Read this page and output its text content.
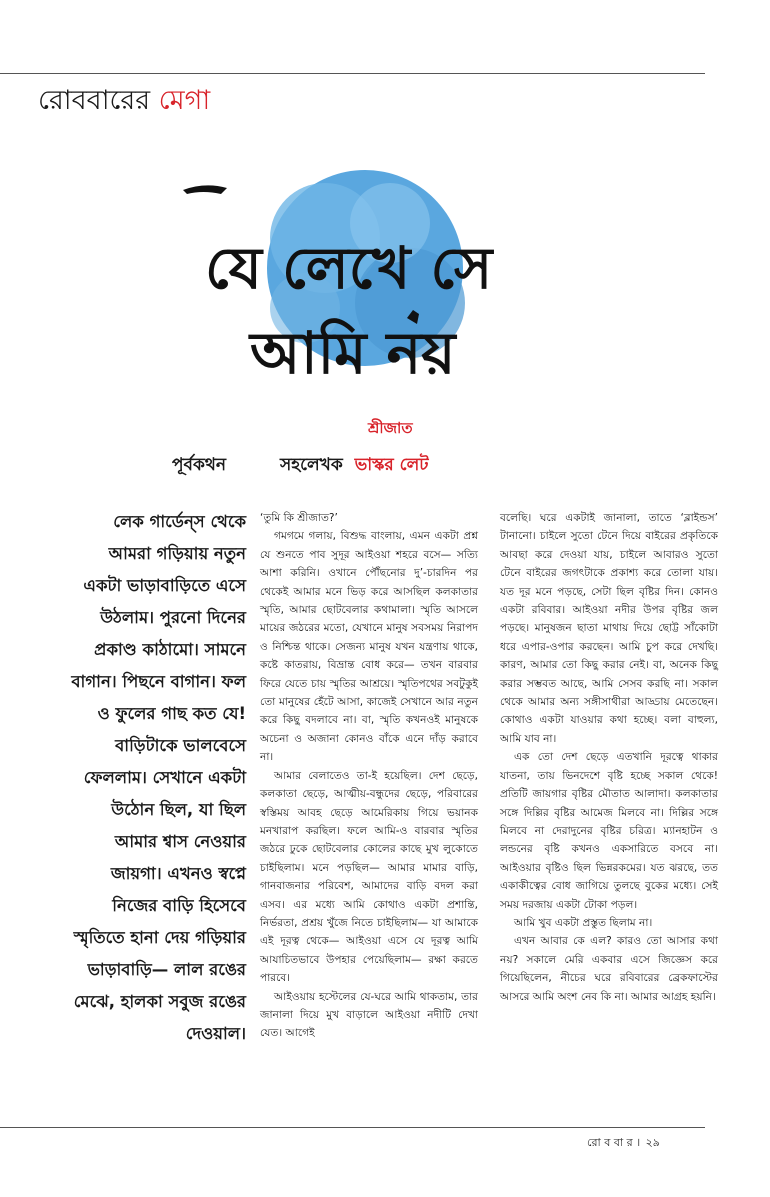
রোববারের মেগা
যে লেখে সে
আমি নয়
শ্রীজাত
পূর্বকথন	সহলেখক ভাস্কর লেট

লেক গার্ডেন্‌স থেকে আমরা গড়িয়ায় নতুন একটা ভাড়াবাড়িতে এসে উঠলাম। পুরনো দিনের প্রকাণ্ড কাঠামো। সামনে বাগান। পিছনে বাগান। ফল ও ফুলের গাছ কত যে! বাড়িটাকে ভালবেসে ফেললাম। সেখানে একটা উঠোন ছিল, যা ছিল আমার শ্বাস নেওয়ার জায়গা। এখনও স্বপ্নে নিজের বাড়ি হিসেবে স্মৃতিতে হানা দেয় গড়িয়ার ভাড়াবাড়ি— লাল রঙের মেঝে, হালকা সবুজ রঙের দেওয়াল।

‘তুমি কি শ্রীজাত?’

গমগমে গলায়, বিশুদ্ধ বাংলায়, এমন একটা প্রশ্ন যে শুনতে পাব সুদূর আইওয়া শহরে বসে— সত্যি আশা করিনি। ওখানে পৌঁছনোর দু’-চারদিন পর থেকেই আমার মনে ভিড় করে আসছিল কলকাতার স্মৃতি, আমার ছোটবেলার কথামালা। স্মৃতি আসলে মায়ের জঠরের মতো, যেখানে মানুষ সবসময় নিরাপদ ও নিশ্চিন্ত থাকে। সেজন্য মানুষ যখন যন্ত্রণায় থাকে, কষ্টে কাতরায়, বিভ্রান্ত বোধ করে— তখন বারবার ফিরে যেতে চায় স্মৃতির আশ্রয়ে। স্মৃতিপথের সবটুকুই তো মানুষের হেঁটে আসা, কাজেই সেখানে আর নতুন করে কিছু বদলাবে না। বা, স্মৃতি কখনওই মানুষকে অচেনা ও অজানা কোনও বাঁকে এনে দাঁড় করাবে না।

আমার বেলাতেও তা-ই হয়েছিল। দেশ ছেড়ে, কলকাতা ছেড়ে, আত্মীয়-বন্ধুদের ছেড়ে, পরিবারের স্বস্তিময় আবহ ছেড়ে আমেরিকায় গিয়ে ভয়ানক মনখারাপ করছিল। ফলে আমি-ও বারবার স্মৃতির জঠরে ঢুকে ছোটবেলার কোলের কাছে মুখ লুকোতে চাইছিলাম। মনে পড়ছিল— আমার মামার বাড়ি, গানবাজনার পরিবেশ, আমাদের বাড়ি বদল করা এসব। এর মধ্যে আমি কোথাও একটা প্রশান্তি, নির্ভরতা, প্রশ্রয় খুঁজে নিতে চাইছিলাম— যা আমাকে এই দূরত্ব থেকে— আইওয়া এসে যে দূরত্ব আমি আযাচিতভাবে উপহার পেয়েছিলাম— রক্ষা করতে পারবে।

আইওয়ায় হস্টেলের যে-ঘরে আমি থাকতাম, তার জানালা দিয়ে মুখ বাড়ালে আইওয়া নদীটি দেখা যেত। আগেই

বলেছি। ঘরে একটাই জানালা, তাতে ‘ব্লাইন্ডস’ টানানো। চাইলে সুতো টেনে দিয়ে বাইরের প্রকৃতিকে আবছা করে দেওয়া যায়, চাইলে আবারও সুতো টেনে বাইরের জগৎটাকে প্রকাশ্য করে তোলা যায়। যত দূর মনে পড়ছে, সেটা ছিল বৃষ্টির দিন। কোনও একটা রবিবার। আইওয়া নদীর উপর বৃষ্টির জল পড়ছে। মানুষজন ছাতা মাথায় দিয়ে ছোট্ট সাঁকোটা ধরে এপার-ওপার করছেন। আমি চুপ করে দেখছি। কারণ, আমার তো কিছু করার নেই। বা, অনেক কিছু করার সম্ভবত আছে, আমি সেসব করছি না। সকাল থেকে আমার অন্য সঙ্গীসাথীরা আড্ডায় মেতেছেন। কোথাও একটা যাওয়ার কথা হচ্ছে। বলা বাহুল্য, আমি যাব না।

এক তো দেশ ছেড়ে এতখানি দূরত্বে থাকার যাতনা, তায় ভিনদেশে বৃষ্টি হচ্ছে সকাল থেকে! প্রতিটি জায়গার বৃষ্টির মৌতাত আলাদা। কলকাতার সঙ্গে দিল্লির বৃষ্টির আমেজ মিলবে না। দিল্লির সঙ্গে মিলবে না দেরাদুনের বৃষ্টির চরিত্র। ম্যানহাটন ও লন্ডনের বৃষ্টি কখনও একসারিতে বসবে না। আইওয়ার বৃষ্টিও ছিল ভিন্নরকমের। যত ঝরছে, তত একাকীত্বের বোধ জাগিয়ে তুলছে বুকের মধ্যে। সেই সময় দরজায় একটা টোকা পড়ল।

আমি খুব একটা প্রস্তুত ছিলাম না।

এখন আবার কে এল? কারও তো আসার কথা নয়? সকালে মেরি একবার এসে জিজ্ঞেস করে গিয়েছিলেন, নীচের ঘরে রবিবারের ব্রেকফাস্টের আসরে আমি অংশ নেব কি না। আমার আগ্রহ হয়নি।

রো ব বা র । ২৯
